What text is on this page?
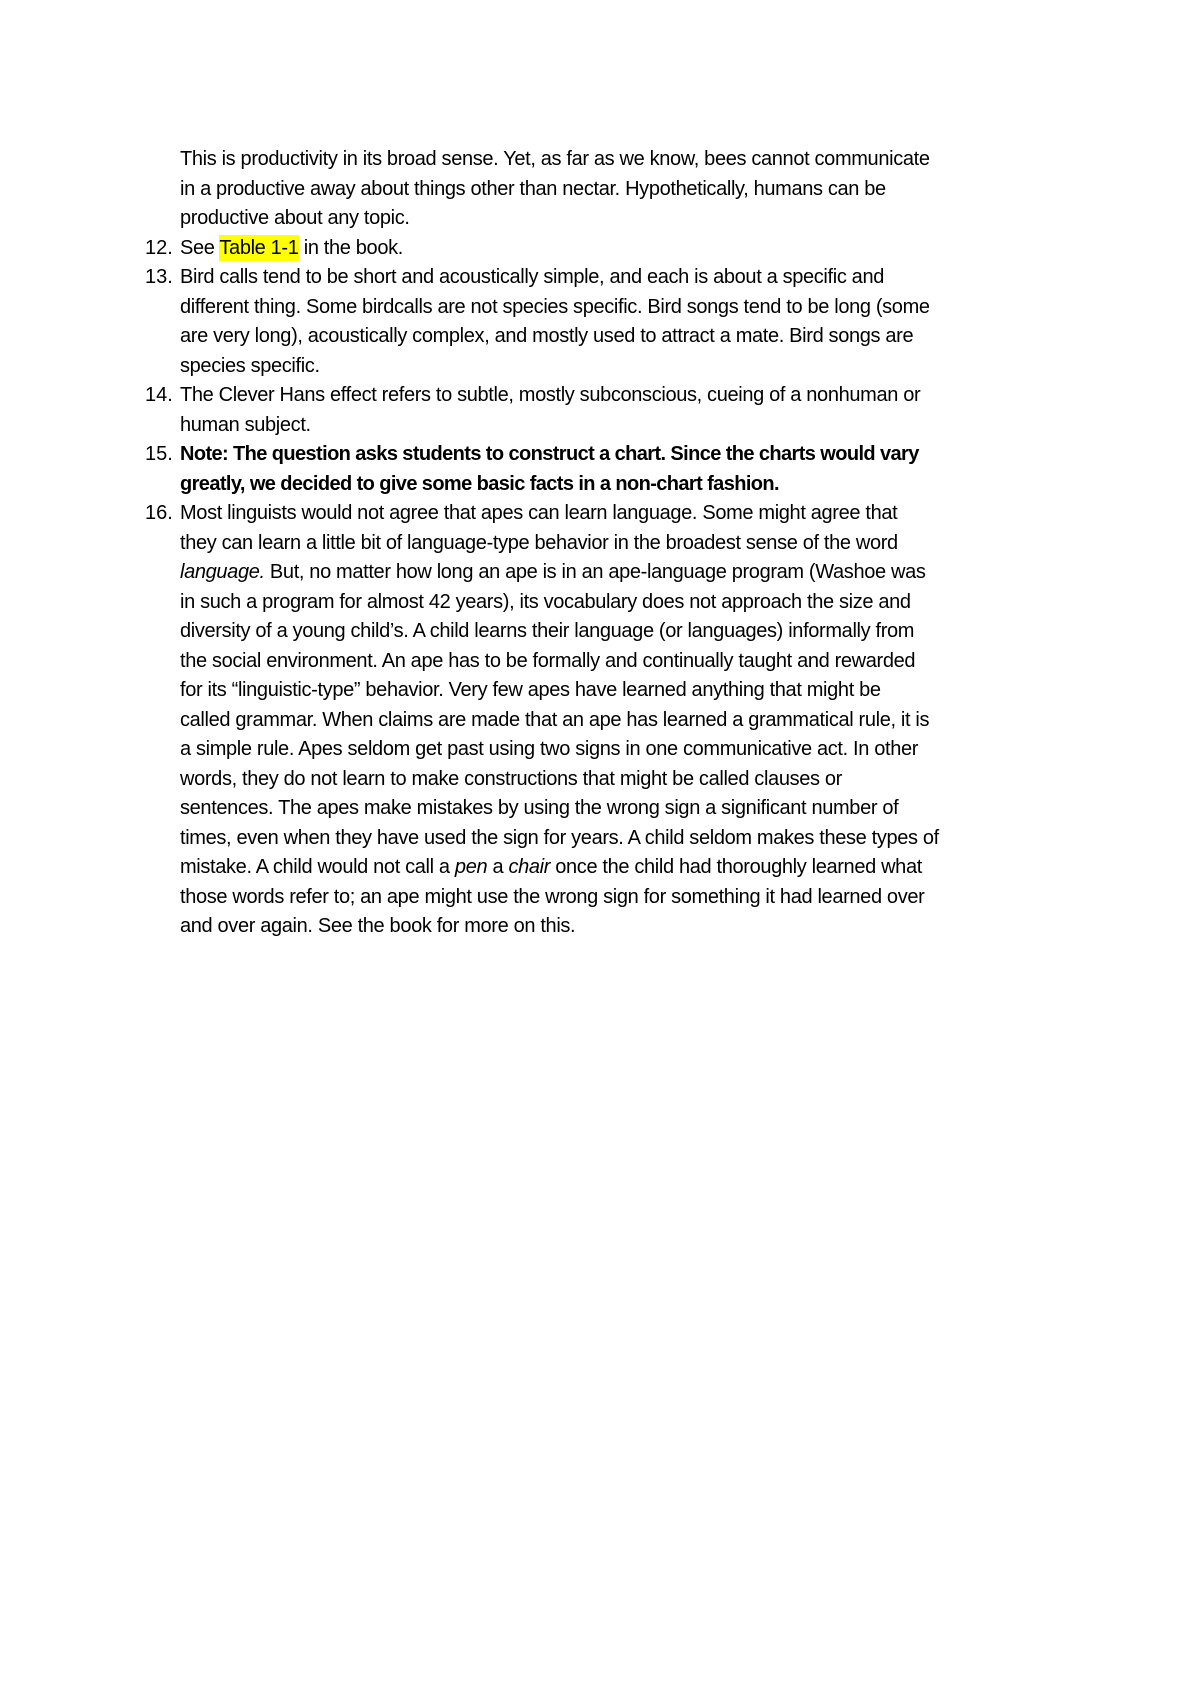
This is productivity in its broad sense. Yet, as far as we know, bees cannot communicate
in a productive away about things other than nectar. Hypothetically, humans can be
productive about any topic.
12. See Table 1-1 in the book.
13. Bird calls tend to be short and acoustically simple, and each is about a specific and
different thing. Some birdcalls are not species specific. Bird songs tend to be long (some
are very long), acoustically complex, and mostly used to attract a mate. Bird songs are
species specific.
14. The Clever Hans effect refers to subtle, mostly subconscious, cueing of a nonhuman or
human subject.
15. Note: The question asks students to construct a chart. Since the charts would vary
greatly, we decided to give some basic facts in a non-chart fashion.
16. Most linguists would not agree that apes can learn language. Some might agree that
they can learn a little bit of language-type behavior in the broadest sense of the word
language. But, no matter how long an ape is in an ape-language program (Washoe was
in such a program for almost 42 years), its vocabulary does not approach the size and
diversity of a young child’s. A child learns their language (or languages) informally from
the social environment. An ape has to be formally and continually taught and rewarded
for its “linguistic-type” behavior. Very few apes have learned anything that might be
called grammar. When claims are made that an ape has learned a grammatical rule, it is
a simple rule. Apes seldom get past using two signs in one communicative act. In other
words, they do not learn to make constructions that might be called clauses or
sentences. The apes make mistakes by using the wrong sign a significant number of
times, even when they have used the sign for years. A child seldom makes these types of
mistake. A child would not call a pen a chair once the child had thoroughly learned what
those words refer to; an ape might use the wrong sign for something it had learned over
and over again. See the book for more on this.
